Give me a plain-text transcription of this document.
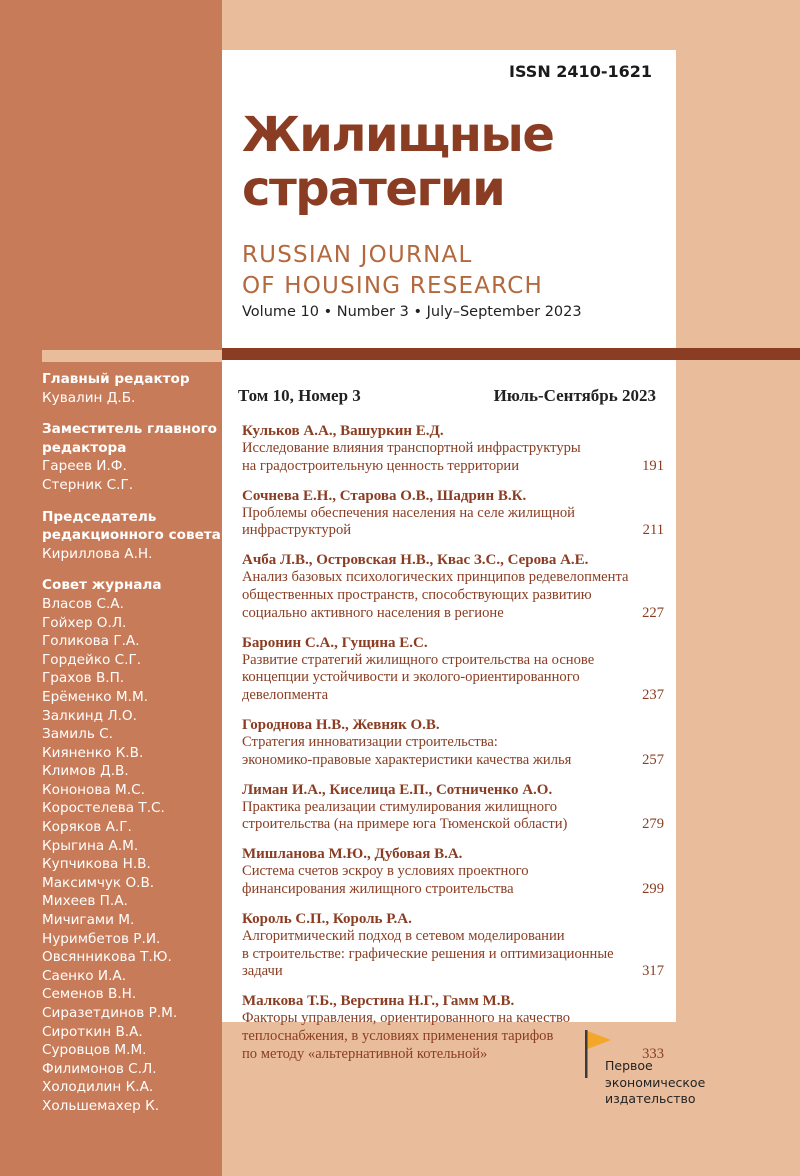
Главный редактор
Кувалин Д.Б.
Заместитель главного
редактора
Гареев И.Ф.
Стерник С.Г.
Председатель
редакционного совета
Кириллова А.Н.
Совет журнала
Власов С.А.
Гойхер О.Л.
Голикова Г.А.
Гордейко С.Г.
Грахов В.П.
Ерёменко М.М.
Залкинд Л.О.
Замиль С.
Кияненко К.В.
Климов Д.В.
Кононова М.С.
Коростелева Т.С.
Коряков А.Г.
Крыгина А.М.
Купчикова Н.В.
Максимчук О.В.
Михеев П.А.
Мичигами М.
Нуримбетов Р.И.
Овсянникова Т.Ю.
Саенко И.А.
Семенов В.Н.
Сиразетдинов Р.М.
Сироткин В.А.
Суровцов М.М.
Филимонов С.Л.
Холодилин К.А.
Хольшемахер К.
ISSN 2410-1621
Жилищные
стратегии
RUSSIAN JOURNAL
OF HOUSING RESEARCH
Volume 10 • Number 3 • July–September 2023
Том 10, Номер 3	Июль-Сентябрь 2023
Кульков А.А., Вашуркин Е.Д.
Исследование влияния транспортной инфраструктуры
на градостроительную ценность территории	191
Сочнева Е.Н., Старова О.В., Шадрин В.К.
Проблемы обеспечения населения на селе жилищной
инфраструктурой	211
Ачба Л.В., Островская Н.В., Квас З.С., Серова А.Е.
Анализ базовых психологических принципов редевелопмента
общественных пространств, способствующих развитию
социально активного населения в регионе	227
Баронин С.А., Гущина Е.С.
Развитие стратегий жилищного строительства на основе
концепции устойчивости и эколого-ориентированного
девелопмента	237
Городнова Н.В., Жевняк О.В.
Стратегия инноватизации строительства:
экономико-правовые характеристики качества жилья	257
Лиман И.А., Киселица Е.П., Сотниченко А.О.
Практика реализации стимулирования жилищного
строительства (на примере юга Тюменской области)	279
Мишланова М.Ю., Дубовая В.А.
Система счетов эскроу в условиях проектного
финансирования жилищного строительства	299
Король С.П., Король Р.А.
Алгоритмический подход в сетевом моделировании
в строительстве: графические решения и оптимизационные
задачи	317
Малкова Т.Б., Верстина Н.Г., Гамм М.В.
Факторы управления, ориентированного на качество
теплоснабжения, в условиях применения тарифов
по методу «альтернативной котельной»	333
Первое
экономическое
издательство
